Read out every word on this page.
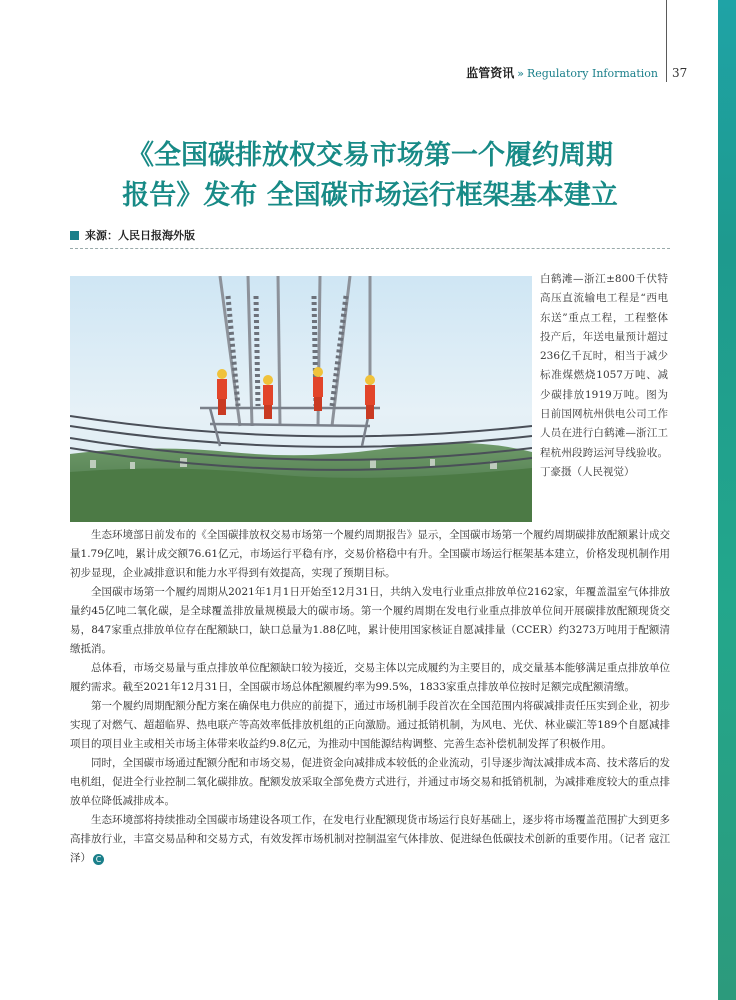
监管资讯 » Regulatory Information	37
《全国碳排放权交易市场第一个履约周期
报告》发布 全国碳市场运行框架基本建立
来源：人民日报海外版

白鹤滩—浙江±800千伏特高压直流输电工程是“西电东送”重点工程，工程整体投产后，年送电量预计超过236亿千瓦时，相当于减少标准煤燃烧1057万吨、减少碳排放1919万吨。图为日前国网杭州供电公司工作人员在进行白鹤滩—浙江工程杭州段跨运河导线验收。丁豪摄（人民视觉）

生态环境部日前发布的《全国碳排放权交易市场第一个履约周期报告》显示，全国碳市场第一个履约周期碳排放配额累计成交量1.79亿吨，累计成交额76.61亿元，市场运行平稳有序，交易价格稳中有升。全国碳市场运行框架基本建立，价格发现机制作用初步显现，企业减排意识和能力水平得到有效提高，实现了预期目标。

全国碳市场第一个履约周期从2021年1月1日开始至12月31日，共纳入发电行业重点排放单位2162家，年覆盖温室气体排放量约45亿吨二氧化碳，是全球覆盖排放量规模最大的碳市场。第一个履约周期在发电行业重点排放单位间开展碳排放配额现货交易，847家重点排放单位存在配额缺口，缺口总量为1.88亿吨，累计使用国家核证自愿减排量（CCER）约3273万吨用于配额清缴抵消。

总体看，市场交易量与重点排放单位配额缺口较为接近，交易主体以完成履约为主要目的，成交量基本能够满足重点排放单位履约需求。截至2021年12月31日，全国碳市场总体配额履约率为99.5%，1833家重点排放单位按时足额完成配额清缴。

第一个履约周期配额分配方案在确保电力供应的前提下，通过市场机制手段首次在全国范围内将碳减排责任压实到企业，初步实现了对燃气、超超临界、热电联产等高效率低排放机组的正向激励。通过抵销机制，为风电、光伏、林业碳汇等189个自愿减排项目的项目业主或相关市场主体带来收益约9.8亿元，为推动中国能源结构调整、完善生态补偿机制发挥了积极作用。

同时，全国碳市场通过配额分配和市场交易，促进资金向减排成本较低的企业流动，引导逐步淘汰减排成本高、技术落后的发电机组，促进全行业控制二氧化碳排放。配额发放采取全部免费方式进行，并通过市场交易和抵销机制，为减排难度较大的重点排放单位降低减排成本。

生态环境部将持续推动全国碳市场建设各项工作，在发电行业配额现货市场运行良好基础上，逐步将市场覆盖范围扩大到更多高排放行业，丰富交易品种和交易方式，有效发挥市场机制对控制温室气体排放、促进绿色低碳技术创新的重要作用。（记者 寇江泽） C
